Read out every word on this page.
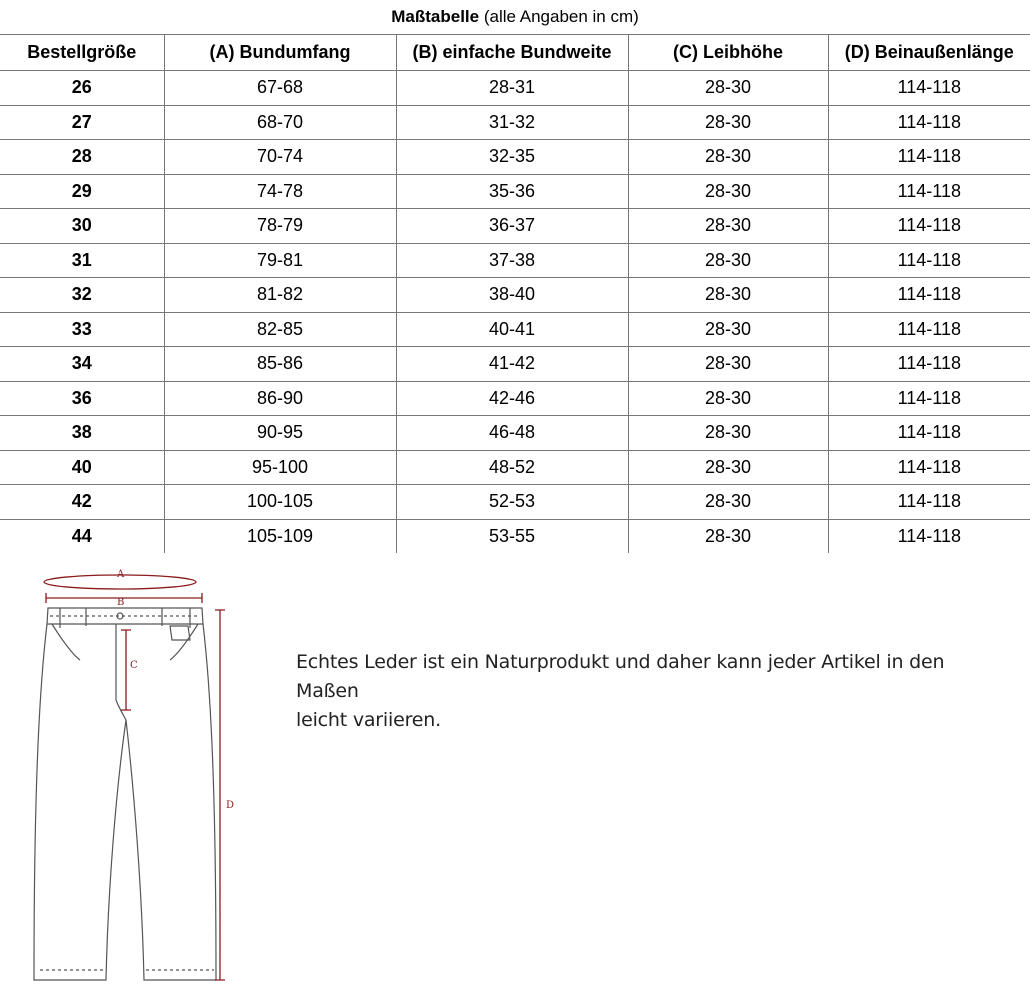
Maßtabelle (alle Angaben in cm)				
Bestellgröße	(A) Bundumfang	(B) einfache Bundweite	(C) Leibhöhe	(D) Beinaußenlänge
26	67-68	28-31	28-30	114-118
27	68-70	31-32	28-30	114-118
28	70-74	32-35	28-30	114-118
29	74-78	35-36	28-30	114-118
30	78-79	36-37	28-30	114-118
31	79-81	37-38	28-30	114-118
32	81-82	38-40	28-30	114-118
33	82-85	40-41	28-30	114-118
34	85-86	41-42	28-30	114-118
36	86-90	42-46	28-30	114-118
38	90-95	46-48	28-30	114-118
40	95-100	48-52	28-30	114-118
42	100-105	52-53	28-30	114-118
44	105-109	53-55	28-30	114-118
A
B
C
D
Echtes Leder ist ein Naturprodukt und daher kann jeder Artikel in den Maßen
leicht variieren.
